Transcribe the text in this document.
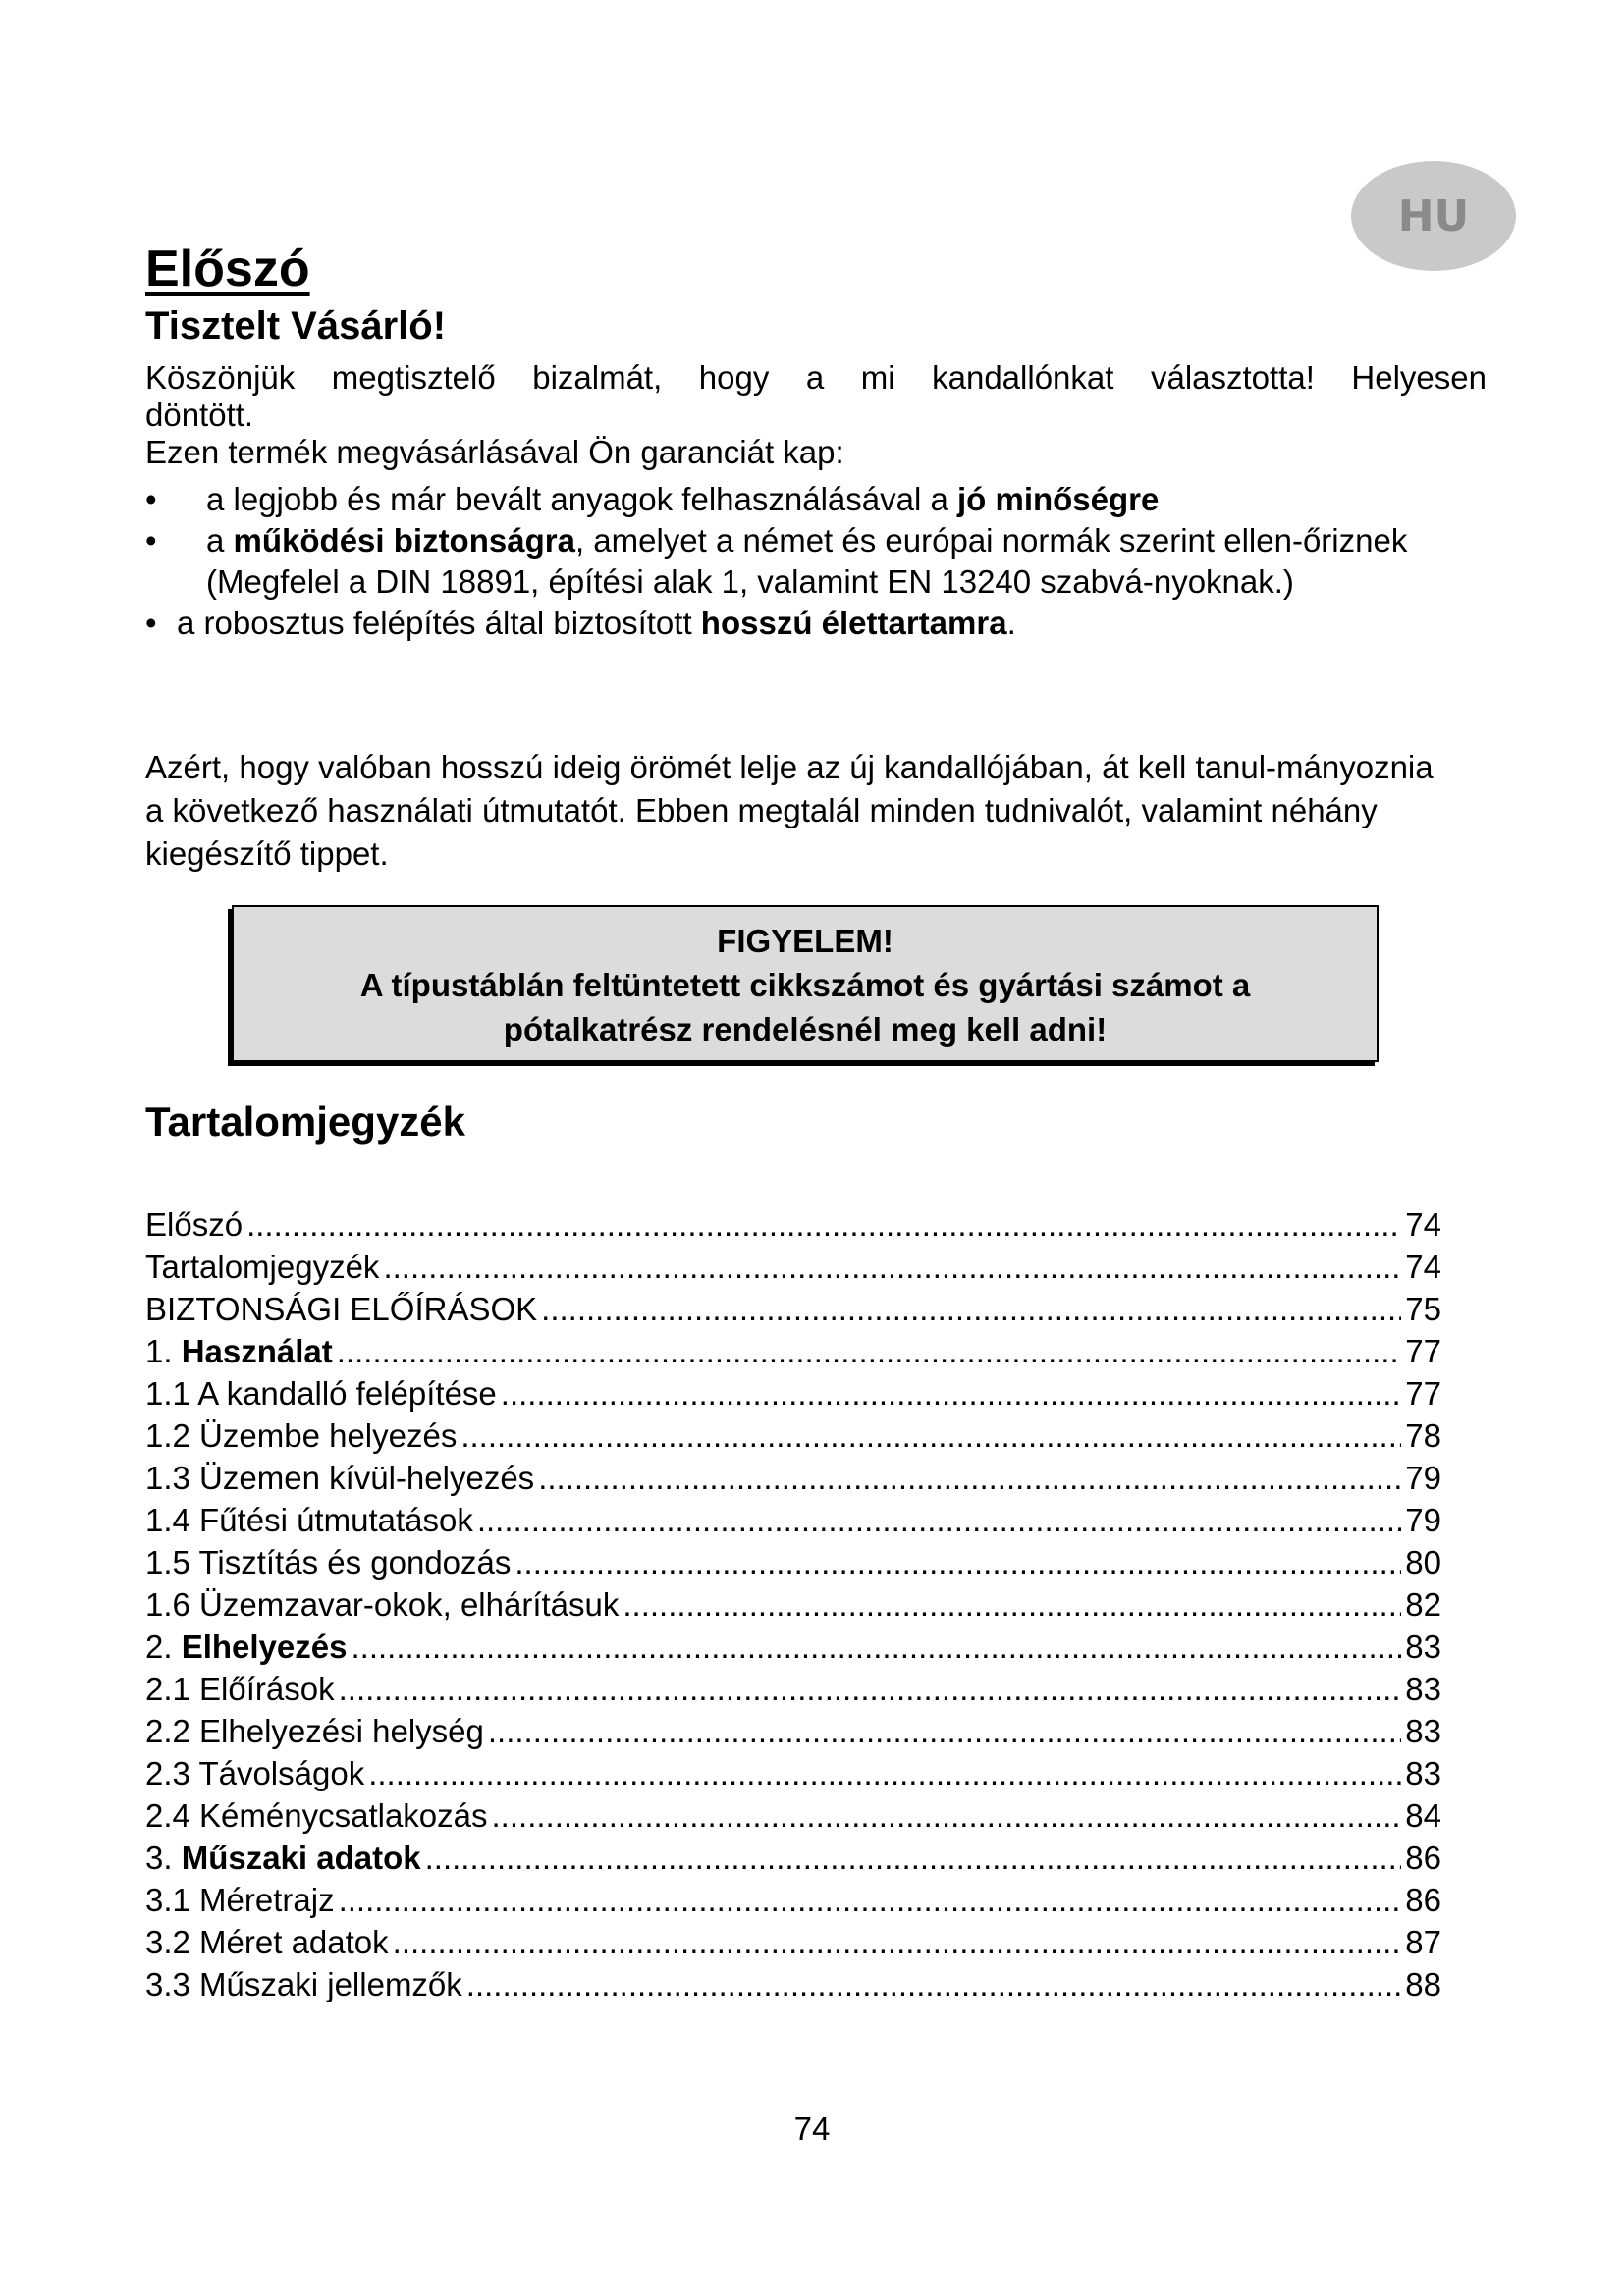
HU
Előszó
Tisztelt Vásárló!

Köszönjük megtisztelő bizalmát, hogy a mi kandallónkat választotta! Helyesen

döntött.

Ezen termék megvásárlásával Ön garanciát kap:

• a legjobb és már bevált anyagok felhasználásával a jó minőségre
• a működési biztonságra, amelyet a német és európai normák szerint ellen-őriznek (Megfelel a DIN 18891, építési alak 1, valamint EN 13240 szabvá-nyoknak.)
• a robosztus felépítés által biztosított hosszú élettartamra.
Azért, hogy valóban hosszú ideig örömét lelje az új kandallójában, át kell tanul-mányoznia a következő használati útmutatót. Ebben megtalál minden tudnivalót, valamint néhány kiegészítő tippet.
FIGYELEM!
A típustáblán feltüntetett cikkszámot és gyártási számot a
pótalkatrész rendelésnél meg kell adni!
Tartalomjegyzék
Előszó .....	74
Tartalomjegyzék .....	74
BIZTONSÁGI ELŐÍRÁSOK .....	75
1. Használat .....	77
1.1 A kandalló felépítése .....	77
1.2 Üzembe helyezés .....	78
1.3 Üzemen kívül-helyezés .....	79
1.4 Fűtési útmutatások .....	79
1.5 Tisztítás és gondozás .....	80
1.6 Üzemzavar-okok, elhárításuk .....	82
2. Elhelyezés .....	83
2.1 Előírások .....	83
2.2 Elhelyezési helység .....	83
2.3 Távolságok .....	83
2.4 Kéménycsatlakozás .....	84
3. Műszaki adatok .....	86
3.1 Méretrajz .....	86
3.2 Méret adatok .....	87
3.3 Műszaki jellemzők .....	88
74
